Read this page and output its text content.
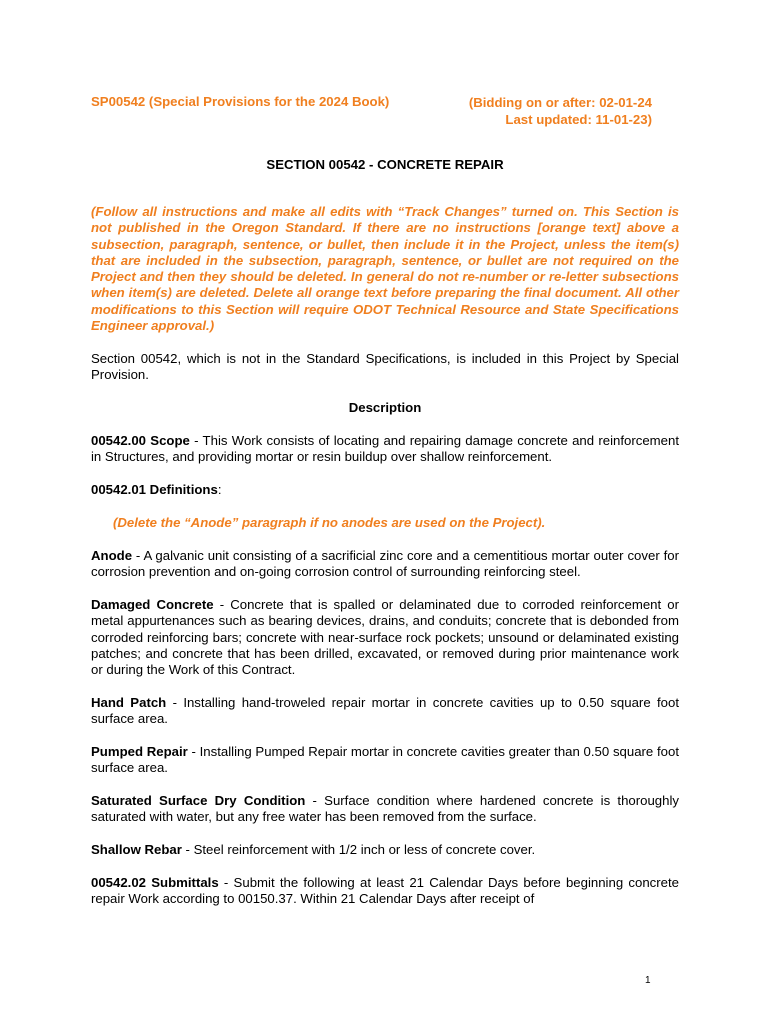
SP00542 (Special Provisions for the 2024 Book)	(Bidding on or after: 02-01-24
Last updated: 11-01-23)
SECTION 00542 - CONCRETE REPAIR
(Follow all instructions and make all edits with “Track Changes” turned on. This Section is not published in the Oregon Standard. If there are no instructions [orange text] above a subsection, paragraph, sentence, or bullet, then include it in the Project, unless the item(s) that are included in the subsection, paragraph, sentence, or bullet are not required on the Project and then they should be deleted. In general do not re-number or re-letter subsections when item(s) are deleted. Delete all orange text before preparing the final document. All other modifications to this Section will require ODOT Technical Resource and State Specifications Engineer approval.)
Section 00542, which is not in the Standard Specifications, is included in this Project by Special Provision.
Description
00542.00 Scope - This Work consists of locating and repairing damage concrete and reinforcement in Structures, and providing mortar or resin buildup over shallow reinforcement.
00542.01 Definitions:
(Delete the “Anode” paragraph if no anodes are used on the Project).
Anode - A galvanic unit consisting of a sacrificial zinc core and a cementitious mortar outer cover for corrosion prevention and on-going corrosion control of surrounding reinforcing steel.
Damaged Concrete - Concrete that is spalled or delaminated due to corroded reinforcement or metal appurtenances such as bearing devices, drains, and conduits; concrete that is debonded from corroded reinforcing bars; concrete with near-surface rock pockets; unsound or delaminated existing patches; and concrete that has been drilled, excavated, or removed during prior maintenance work or during the Work of this Contract.
Hand Patch - Installing hand-troweled repair mortar in concrete cavities up to 0.50 square foot surface area.
Pumped Repair - Installing Pumped Repair mortar in concrete cavities greater than 0.50 square foot surface area.
Saturated Surface Dry Condition - Surface condition where hardened concrete is thoroughly saturated with water, but any free water has been removed from the surface.
Shallow Rebar - Steel reinforcement with 1/2 inch or less of concrete cover.
00542.02 Submittals - Submit the following at least 21 Calendar Days before beginning concrete repair Work according to 00150.37. Within 21 Calendar Days after receipt of
1
